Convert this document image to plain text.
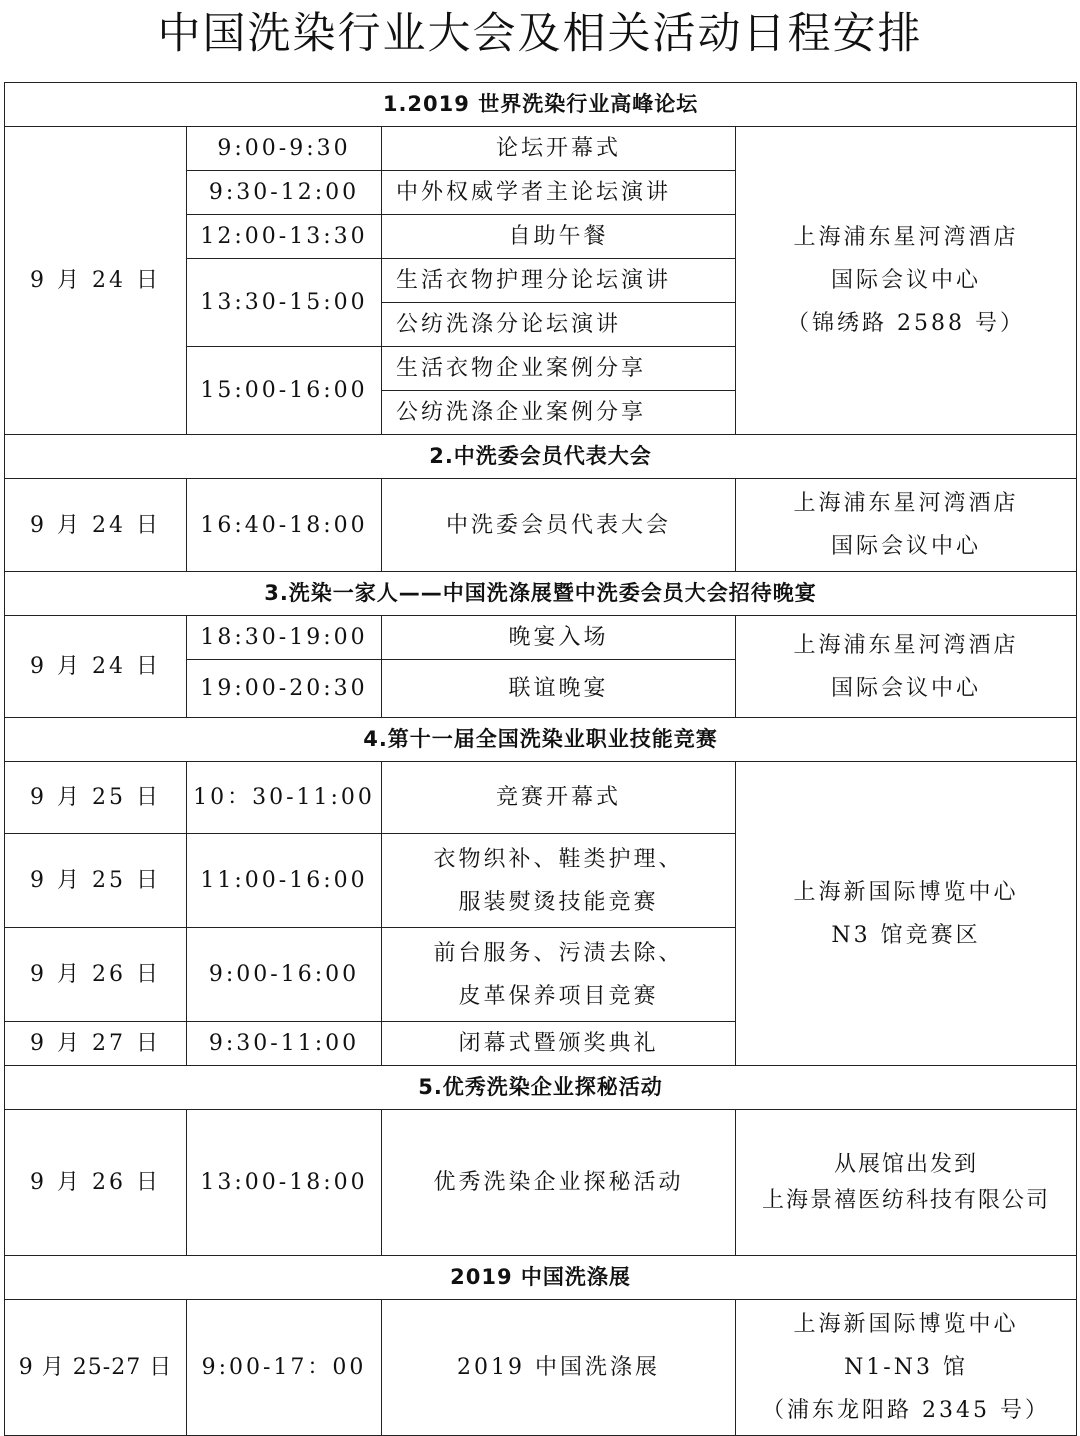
中国洗染行业大会及相关活动日程安排
1.2019 世界洗染行业高峰论坛			
9 月 24 日	9:00-9:30	论坛开幕式	上海浦东星河湾酒店
国际会议中心
（锦绣路 2588 号）

	9:30-12:00	中外权威学者主论坛演讲	
	12:00-13:30	自助午餐	
	13:30-15:00	生活衣物护理分论坛演讲	
		公纺洗涤分论坛演讲	
	15:00-16:00	生活衣物企业案例分享	
		公纺洗涤企业案例分享	
2.中洗委会员代表大会			
9 月 24 日	16:40-18:00	中洗委会员代表大会	上海浦东星河湾酒店
国际会议中心

3.洗染一家人——中国洗涤展暨中洗委会员大会招待晚宴			
9 月 24 日	18:30-19:00	晚宴入场	上海浦东星河湾酒店
国际会议中心

	19:00-20:30	联谊晚宴	
4.第十一届全国洗染业职业技能竞赛			
9 月 25 日	10：30-11:00	竞赛开幕式	上海新国际博览中心
N3 馆竞赛区

9 月 25 日	11:00-16:00	衣物织补、鞋类护理、
服装熨烫技能竞赛	

9 月 26 日	9:00-16:00	前台服务、污渍去除、
皮革保养项目竞赛	

9 月 27 日	9:30-11:00	闭幕式暨颁奖典礼	
5.优秀洗染企业探秘活动			
9 月 26 日	13:00-18:00	优秀洗染企业探秘活动	从展馆出发到
上海景禧医纺科技有限公司

2019 中国洗涤展			
9 月 25-27 日	9:00-17：00	2019 中国洗涤展	上海新国际博览中心
N1-N3 馆
（浦东龙阳路 2345 号）
